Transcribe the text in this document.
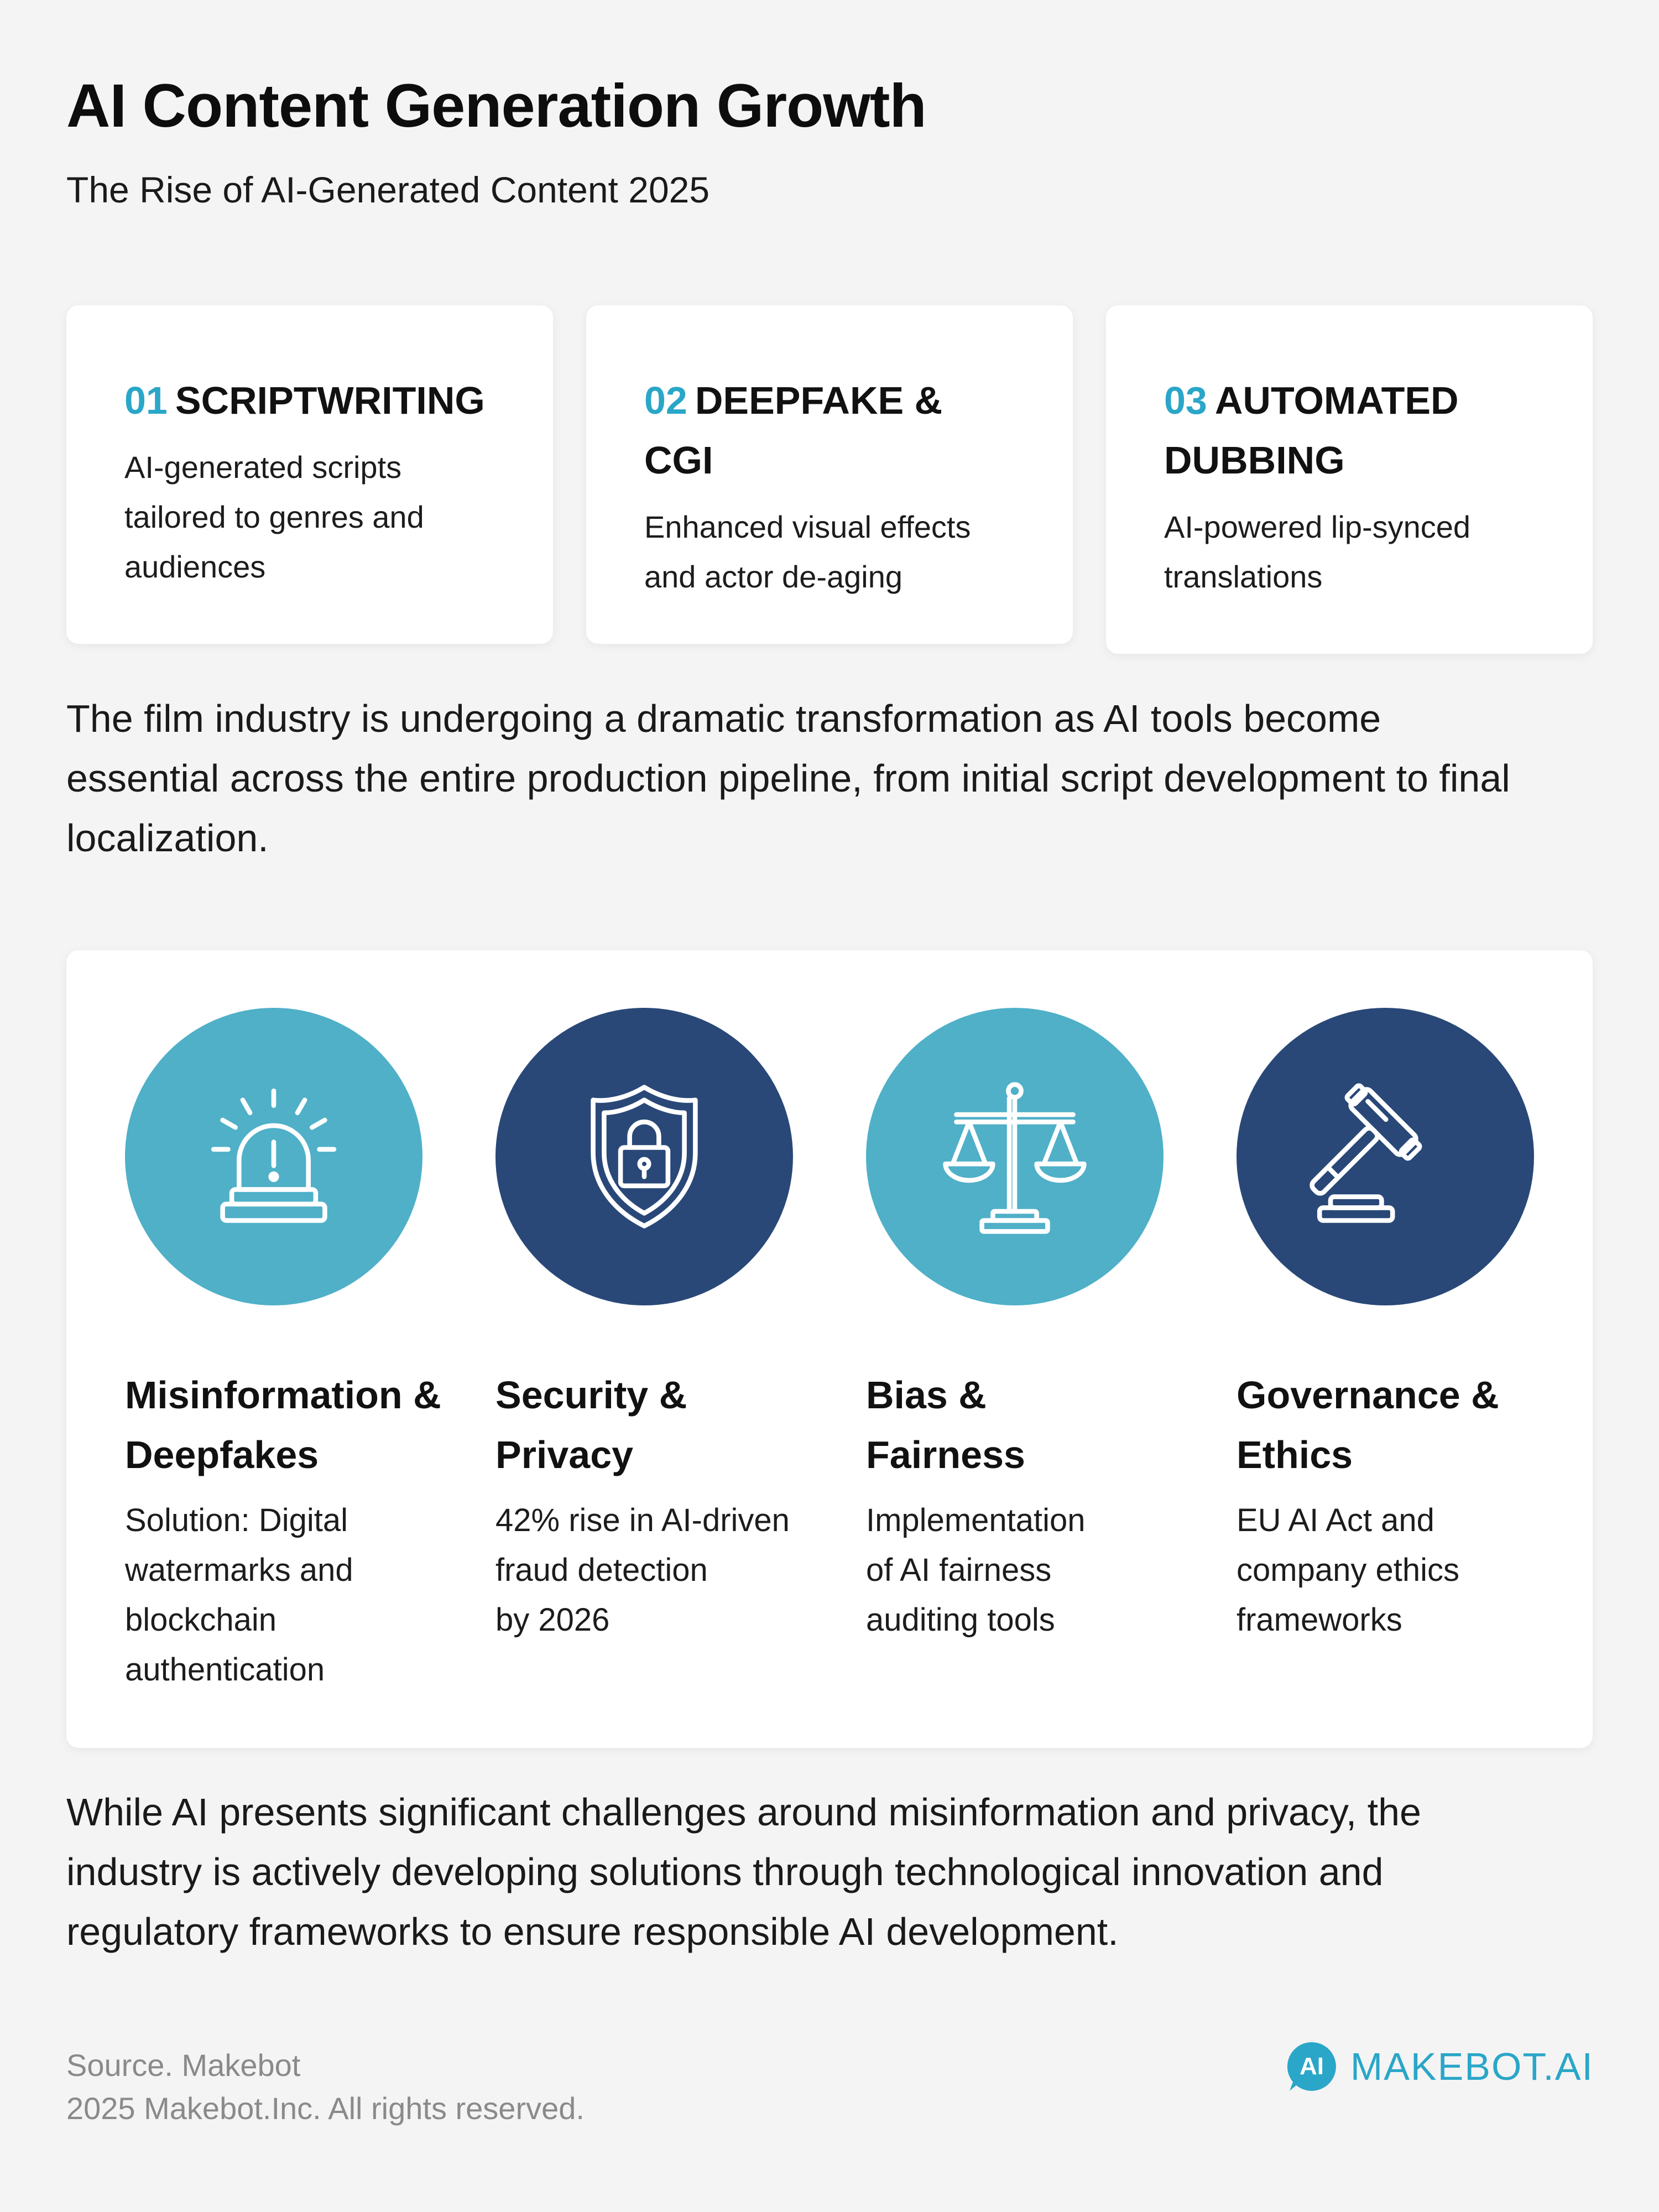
AI Content Generation Growth

The Rise of AI-Generated Content 2025

01 SCRIPTWRITING
AI-generated scripts
tailored to genres and
audiences
02 DEEPFAKE & CGI
Enhanced visual effects
and actor de-aging
03 AUTOMATED
DUBBING
AI-powered lip-synced
translations

The film industry is undergoing a dramatic transformation as AI tools become
essential across the entire production pipeline, from initial script development to final
localization.

Misinformation &
Deepfakes
Solution: Digital
watermarks and
blockchain
authentication
Security &
Privacy
42% rise in AI-driven
fraud detection
by 2026
Bias &
Fairness
Implementation
of AI fairness
auditing tools
Governance &
Ethics
EU AI Act and
company ethics
frameworks

While AI presents significant challenges around misinformation and privacy, the
industry is actively developing solutions through technological innovation and
regulatory frameworks to ensure responsible AI development.

Source. Makebot
2025 Makebot.Inc. All rights reserved.
AI MAKEBOT.AI
